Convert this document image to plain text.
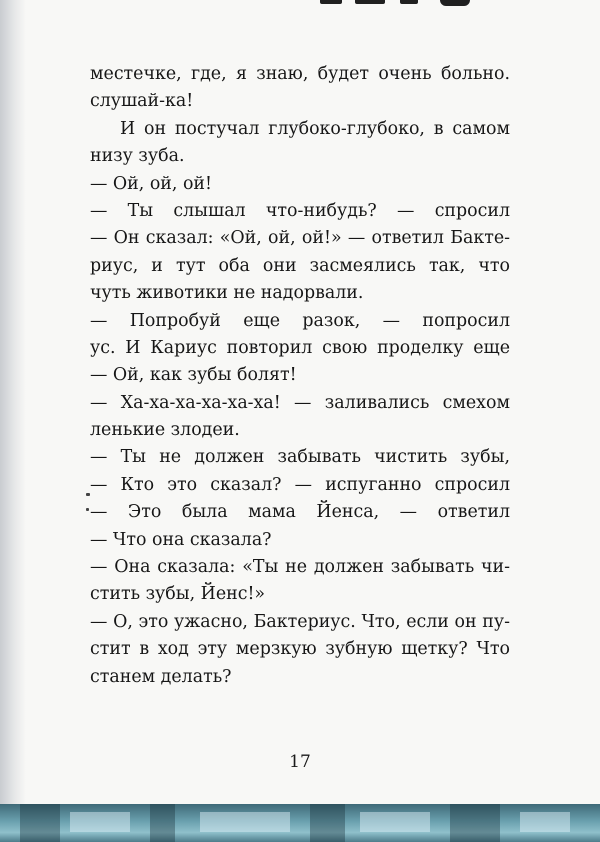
местечке, где, я знаю, будет очень больно.
слушай-ка!
И он постучал глубоко-глубоко, в самом
низу зуба.
— Ой, ой, ой!
— Ты слышал что-нибудь? — спросил
— Он сказал: «Ой, ой, ой!» — ответил Бакте-
риус, и тут оба они засмеялись так, что
чуть животики не надорвали.
— Попробуй еще разок, — попросил
ус. И Кариус повторил свою проделку еще
— Ой, как зубы болят!
— Ха-ха-ха-ха-ха-ха! — заливались смехом
ленькие злодеи.
— Ты не должен забывать чистить зубы,
— Кто это сказал? — испуганно спросил
— Это была мама Йенса, — ответил
— Что она сказала?
— Она сказала: «Ты не должен забывать чи-
стить зубы, Йенс!»
— О, это ужасно, Бактериус. Что, если он пу-
стит в ход эту мерзкую зубную щетку? Что
станем делать?
17
